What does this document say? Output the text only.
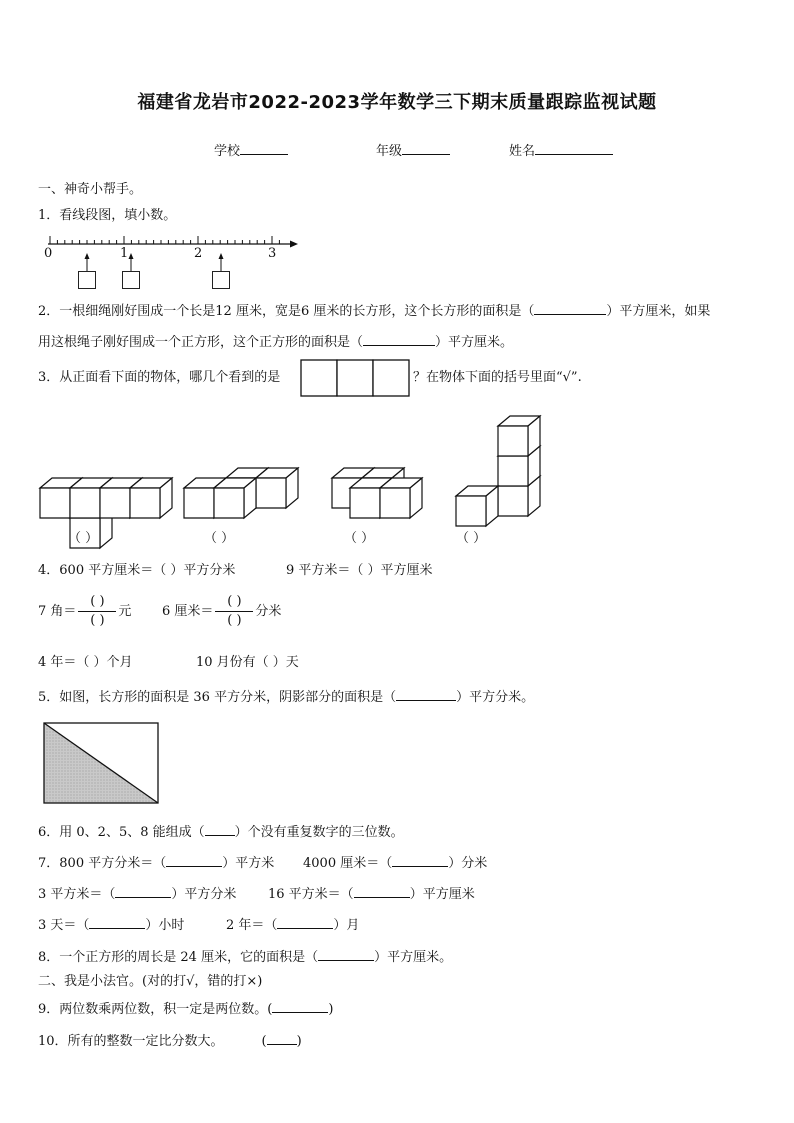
福建省龙岩市2022-2023学年数学三下期末质量跟踪监视试题
学校	年级	姓名
一、神奇小帮手。
1．看线段图，填小数。
0	1	2	3
2．一根细绳刚好围成一个长是12 厘米，宽是6 厘米的长方形，这个长方形的面积是（	）平方厘米，如果
用这根绳子刚好围成一个正方形，这个正方形的面积是（	）平方厘米。
3．从正面看下面的物体，哪几个看到的是	？在物体下面的括号里面“√”.
（ ）	（ ）	（ ）	（ ）
4．600 平方厘米＝（ ）平方分米	9 平方米＝（ ）平方厘米
7 角＝ $\frac{( )}{( )}$ 元 6 厘米＝ $\frac{( )}{( )}$ 分米
4 年＝（ ）个月	10 月份有（ ）天
5．如图，长方形的面积是 36 平方分米，阴影部分的面积是（	）平方分米。
6．用 0、2、5、8 能组成（ ）个没有重复数字的三位数。
7．800 平方分米＝（	）平方米 4000 厘米＝（	）分米
3 平方米＝（	）平方分米 16 平方米＝（	）平方厘米
3 天＝（	）小时	2 年＝（	）月
8．一个正方形的周长是 24 厘米，它的面积是（	）平方厘米。
二、我是小法官。(对的打√，错的打×)
9．两位数乘两位数，积一定是两位数。(	)
10．所有的整数一定比分数大。	( )
